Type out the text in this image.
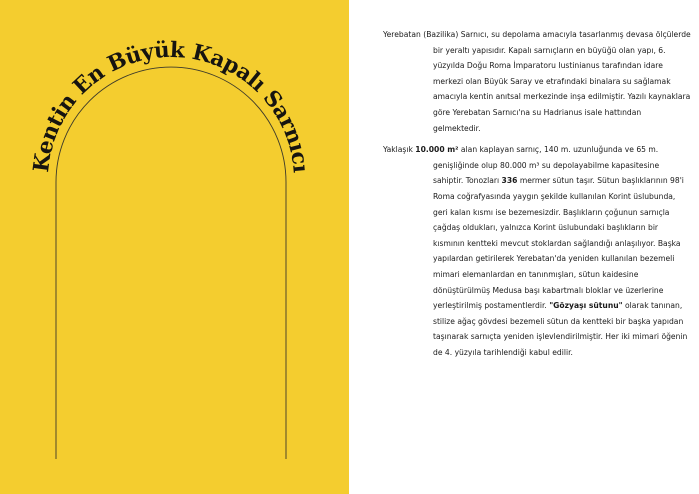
Kentin En Büyük Kapalı Sarnıcı

Yerebatan (Bazilika) Sarnıcı, su depolama amacıyla tasarlanmış devasa ölçülerde bir yeraltı yapısıdır. Kapalı sarnıçların en büyüğü olan yapı, 6. yüzyılda Doğu Roma İmparatoru Iustinianus tarafından idare merkezi olan Büyük Saray ve etrafındaki binalara su sağlamak amacıyla kentin anıtsal merkezinde inşa edilmiştir. Yazılı kaynaklara göre Yerebatan Sarnıcı'na su Hadrianus isale hattından gelmektedir.

Yaklaşık 10.000 m² alan kaplayan sarnıç, 140 m. uzunluğunda ve 65 m. genişliğinde olup 80.000 m³ su depolayabilme kapasitesine sahiptir. Tonozları 336 mermer sütun taşır. Sütun başlıklarının 98'i Roma coğrafyasında yaygın şekilde kullanılan Korint üslubunda, geri kalan kısmı ise bezemesizdir. Başlıkların çoğunun sarnıçla çağdaş oldukları, yalnızca Korint üslubundaki başlıkların bir kısmının kentteki mevcut stoklardan sağlandığı anlaşılıyor. Başka yapılardan getirilerek Yerebatan'da yeniden kullanılan bezemeli mimari elemanlardan en tanınmışları, sütun kaidesine dönüştürülmüş Medusa başı kabartmalı bloklar ve üzerlerine yerleştirilmiş postamentlerdir. "Gözyaşı sütunu" olarak tanınan, stilize ağaç gövdesi bezemeli sütun da kentteki bir başka yapıdan taşınarak sarnıçta yeniden işlevlendirilmiştir. Her iki mimari öğenin de 4. yüzyıla tarihlendiği kabul edilir.
